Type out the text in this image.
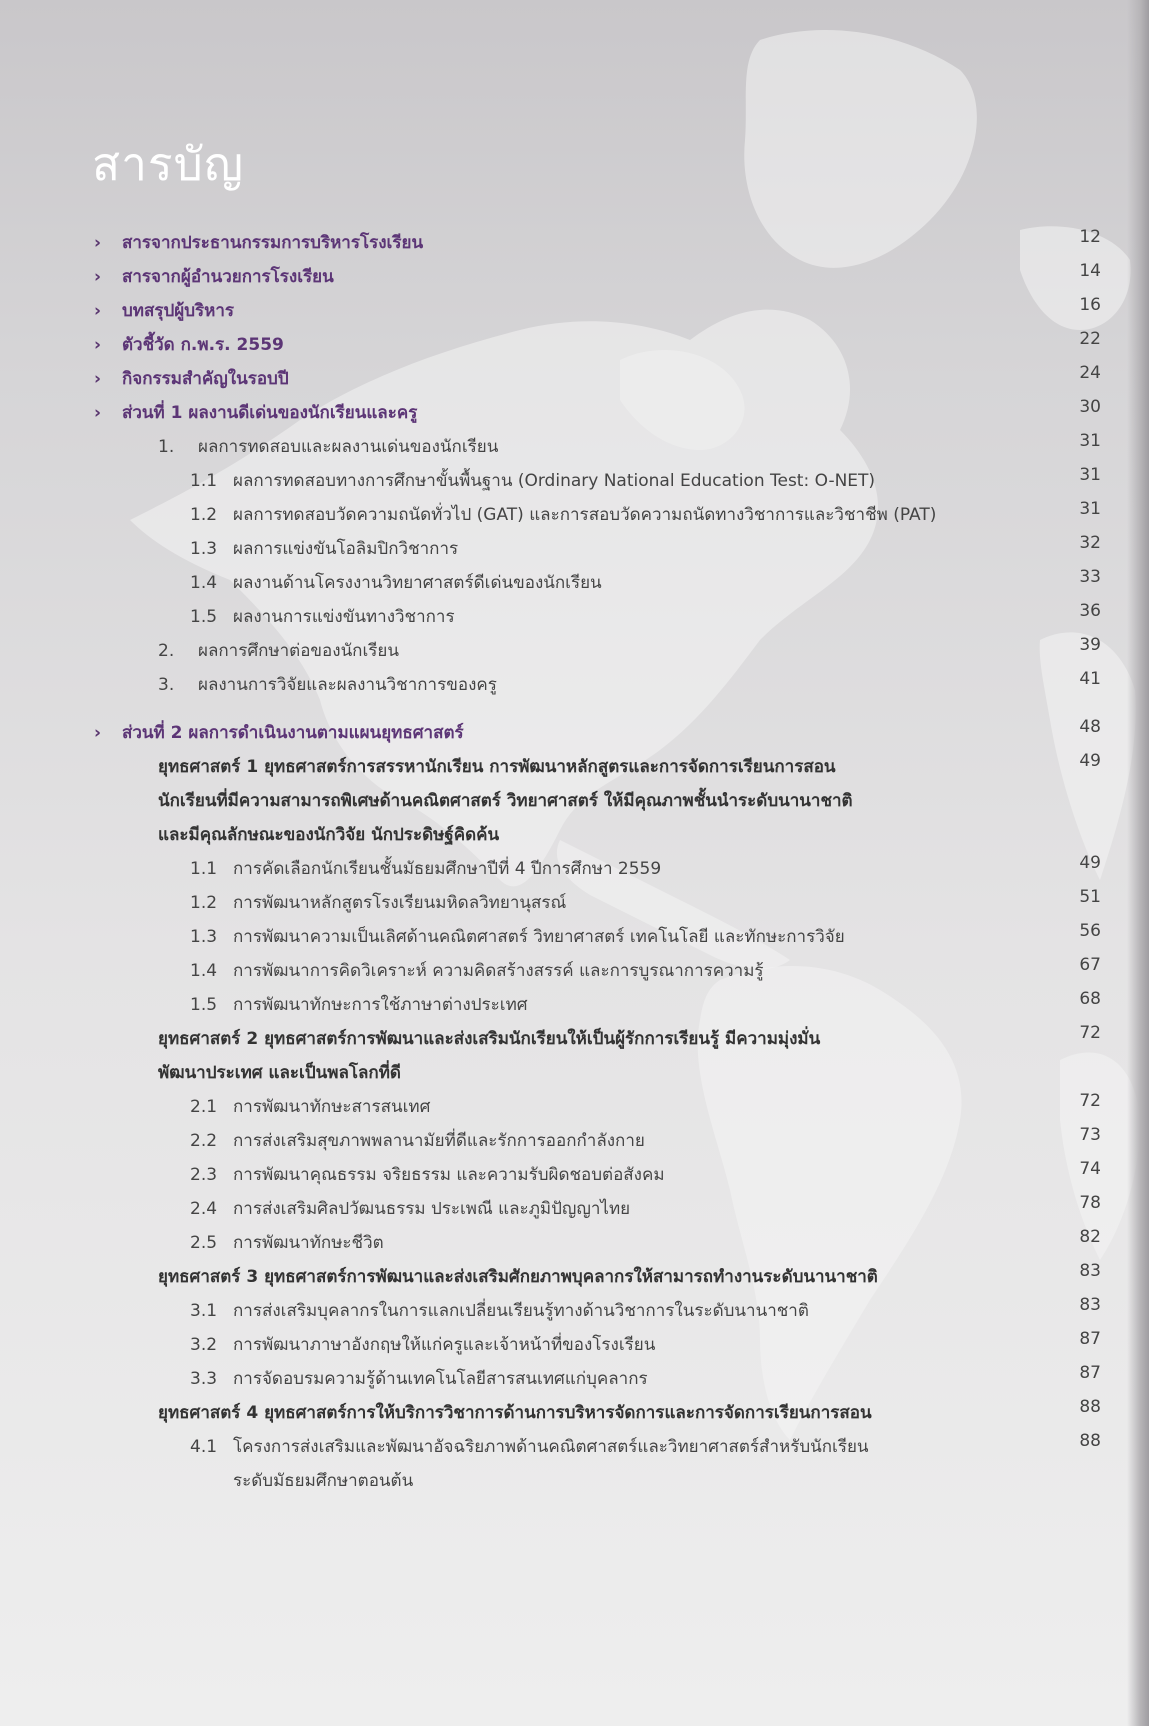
สารบัญ
› สารจากประธานกรรมการบริหารโรงเรียน	12
› สารจากผู้อำนวยการโรงเรียน	14
› บทสรุปผู้บริหาร	16
› ตัวชี้วัด ก.พ.ร. 2559	22
› กิจกรรมสำคัญในรอบปี	24
› ส่วนที่ 1 ผลงานดีเด่นของนักเรียนและครู	30
1. ผลการทดสอบและผลงานเด่นของนักเรียน	31
1.1 ผลการทดสอบทางการศึกษาขั้นพื้นฐาน (Ordinary National Education Test: O-NET)	31
1.2 ผลการทดสอบวัดความถนัดทั่วไป (GAT) และการสอบวัดความถนัดทางวิชาการและวิชาชีพ (PAT)	31
1.3 ผลการแข่งขันโอลิมปิกวิชาการ	32
1.4 ผลงานด้านโครงงานวิทยาศาสตร์ดีเด่นของนักเรียน	33
1.5 ผลงานการแข่งขันทางวิชาการ	36
2. ผลการศึกษาต่อของนักเรียน	39
3. ผลงานการวิจัยและผลงานวิชาการของครู	41
› ส่วนที่ 2 ผลการดำเนินงานตามแผนยุทธศาสตร์	48
ยุทธศาสตร์ 1 ยุทธศาสตร์การสรรหานักเรียน การพัฒนาหลักสูตรและการจัดการเรียนการสอน	49
นักเรียนที่มีความสามารถพิเศษด้านคณิตศาสตร์ วิทยาศาสตร์ ให้มีคุณภาพชั้นนำระดับนานาชาติ
และมีคุณลักษณะของนักวิจัย นักประดิษฐ์คิดค้น
1.1 การคัดเลือกนักเรียนชั้นมัธยมศึกษาปีที่ 4 ปีการศึกษา 2559	49
1.2 การพัฒนาหลักสูตรโรงเรียนมหิดลวิทยานุสรณ์	51
1.3 การพัฒนาความเป็นเลิศด้านคณิตศาสตร์ วิทยาศาสตร์ เทคโนโลยี และทักษะการวิจัย	56
1.4 การพัฒนาการคิดวิเคราะห์ ความคิดสร้างสรรค์ และการบูรณาการความรู้	67
1.5 การพัฒนาทักษะการใช้ภาษาต่างประเทศ	68
ยุทธศาสตร์ 2 ยุทธศาสตร์การพัฒนาและส่งเสริมนักเรียนให้เป็นผู้รักการเรียนรู้ มีความมุ่งมั่น	72
พัฒนาประเทศ และเป็นพลโลกที่ดี
2.1 การพัฒนาทักษะสารสนเทศ	72
2.2 การส่งเสริมสุขภาพพลานามัยที่ดีและรักการออกกำลังกาย	73
2.3 การพัฒนาคุณธรรม จริยธรรม และความรับผิดชอบต่อสังคม	74
2.4 การส่งเสริมศิลปวัฒนธรรม ประเพณี และภูมิปัญญาไทย	78
2.5 การพัฒนาทักษะชีวิต	82
ยุทธศาสตร์ 3 ยุทธศาสตร์การพัฒนาและส่งเสริมศักยภาพบุคลากรให้สามารถทำงานระดับนานาชาติ	83
3.1 การส่งเสริมบุคลากรในการแลกเปลี่ยนเรียนรู้ทางด้านวิชาการในระดับนานาชาติ	83
3.2 การพัฒนาภาษาอังกฤษให้แก่ครูและเจ้าหน้าที่ของโรงเรียน	87
3.3 การจัดอบรมความรู้ด้านเทคโนโลยีสารสนเทศแก่บุคลากร	87
ยุทธศาสตร์ 4 ยุทธศาสตร์การให้บริการวิชาการด้านการบริหารจัดการและการจัดการเรียนการสอน	88
4.1 โครงการส่งเสริมและพัฒนาอัจฉริยภาพด้านคณิตศาสตร์และวิทยาศาสตร์สำหรับนักเรียน	88
ระดับมัธยมศึกษาตอนต้น
